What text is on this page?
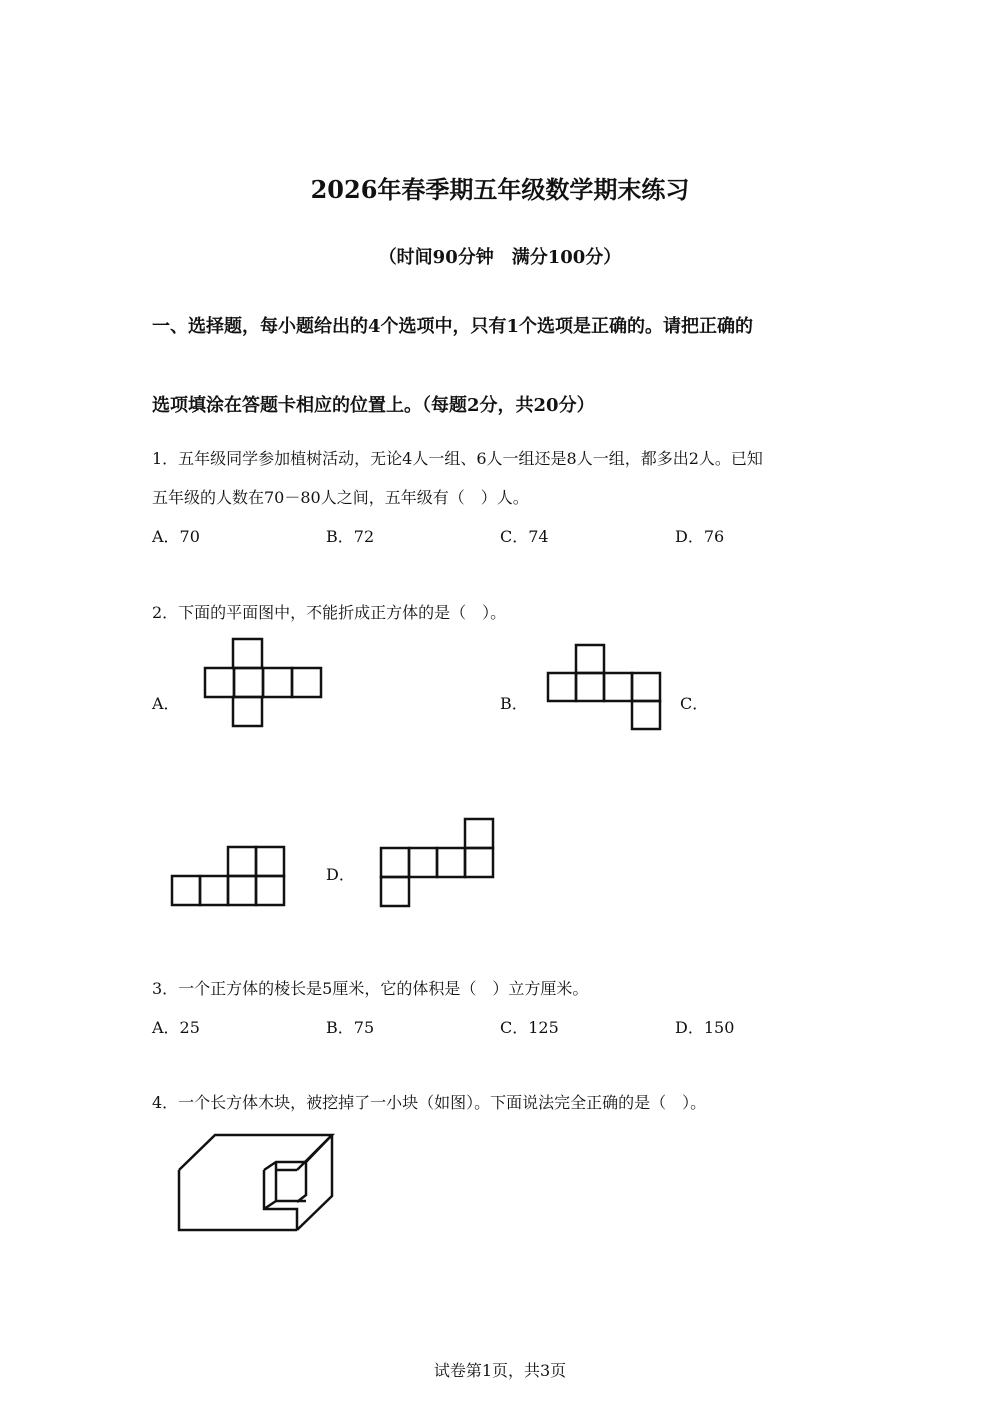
2026年春季期五年级数学期末练习
（时间90分钟　满分100分）
一、选择题，每小题给出的4个选项中，只有1个选项是正确的。请把正确的
选项填涂在答题卡相应的位置上。（每题2分，共20分）
1．五年级同学参加植树活动，无论4人一组、6人一组还是8人一组，都多出2人。已知
五年级的人数在70－80人之间，五年级有（　）人。
A．70	B．72	C．74	D．76
2．下面的平面图中，不能折成正方体的是（　）。
A．	B．	C．
D．
3．一个正方体的棱长是5厘米，它的体积是（　）立方厘米。
A．25	B．75	C．125	D．150
4．一个长方体木块，被挖掉了一小块（如图）。下面说法完全正确的是（　）。
试卷第1页，共3页
